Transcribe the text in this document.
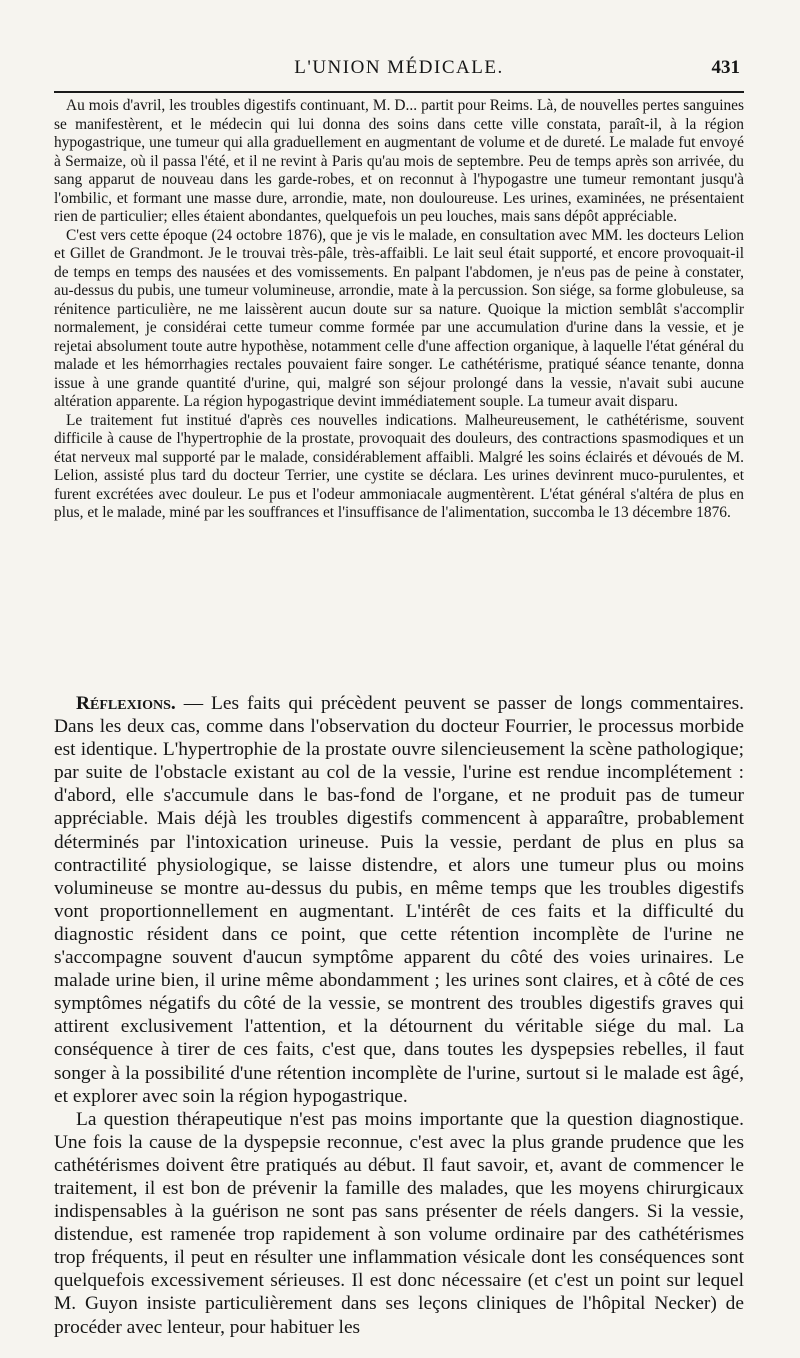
L'UNION MÉDICALE.	431

Au mois d'avril, les troubles digestifs continuant, M. D... partit pour Reims. Là, de nouvelles pertes sanguines se manifestèrent, et le médecin qui lui donna des soins dans cette ville constata, paraît-il, à la région hypogastrique, une tumeur qui alla graduellement en augmentant de volume et de dureté. Le malade fut envoyé à Sermaize, où il passa l'été, et il ne revint à Paris qu'au mois de septembre. Peu de temps après son arrivée, du sang apparut de nouveau dans les garde-robes, et on reconnut à l'hypogastre une tumeur remontant jusqu'à l'ombilic, et formant une masse dure, arrondie, mate, non douloureuse. Les urines, examinées, ne présentaient rien de particulier; elles étaient abondantes, quelquefois un peu louches, mais sans dépôt appréciable.

C'est vers cette époque (24 octobre 1876), que je vis le malade, en consultation avec MM. les docteurs Lelion et Gillet de Grandmont. Je le trouvai très-pâle, très-affaibli. Le lait seul était supporté, et encore provoquait-il de temps en temps des nausées et des vomissements. En palpant l'abdomen, je n'eus pas de peine à constater, au-dessus du pubis, une tumeur volumineuse, arrondie, mate à la percussion. Son siége, sa forme globuleuse, sa rénitence particulière, ne me laissèrent aucun doute sur sa nature. Quoique la miction semblât s'accomplir normalement, je considérai cette tumeur comme formée par une accumulation d'urine dans la vessie, et je rejetai absolument toute autre hypothèse, notamment celle d'une affection organique, à laquelle l'état général du malade et les hémorrhagies rectales pouvaient faire songer. Le cathétérisme, pratiqué séance tenante, donna issue à une grande quantité d'urine, qui, malgré son séjour prolongé dans la vessie, n'avait subi aucune altération apparente. La région hypogastrique devint immédiatement souple. La tumeur avait disparu.

Le traitement fut institué d'après ces nouvelles indications. Malheureusement, le cathétérisme, souvent difficile à cause de l'hypertrophie de la prostate, provoquait des douleurs, des contractions spasmodiques et un état nerveux mal supporté par le malade, considérablement affaibli. Malgré les soins éclairés et dévoués de M. Lelion, assisté plus tard du docteur Terrier, une cystite se déclara. Les urines devinrent muco-purulentes, et furent excrétées avec douleur. Le pus et l'odeur ammoniacale augmentèrent. L'état général s'altéra de plus en plus, et le malade, miné par les souffrances et l'insuffisance de l'alimentation, succomba le 13 décembre 1876.

Réflexions. — Les faits qui précèdent peuvent se passer de longs commentaires. Dans les deux cas, comme dans l'observation du docteur Fourrier, le processus morbide est identique. L'hypertrophie de la prostate ouvre silencieusement la scène pathologique; par suite de l'obstacle existant au col de la vessie, l'urine est rendue incomplétement : d'abord, elle s'accumule dans le bas-fond de l'organe, et ne produit pas de tumeur appréciable. Mais déjà les troubles digestifs commencent à apparaître, probablement déterminés par l'intoxication urineuse. Puis la vessie, perdant de plus en plus sa contractilité physiologique, se laisse distendre, et alors une tumeur plus ou moins volumineuse se montre au-dessus du pubis, en même temps que les troubles digestifs vont proportionnellement en augmentant. L'intérêt de ces faits et la difficulté du diagnostic résident dans ce point, que cette rétention incomplète de l'urine ne s'accompagne souvent d'aucun symptôme apparent du côté des voies urinaires. Le malade urine bien, il urine même abondamment ; les urines sont claires, et à côté de ces symptômes négatifs du côté de la vessie, se montrent des troubles digestifs graves qui attirent exclusivement l'attention, et la détournent du véritable siége du mal. La conséquence à tirer de ces faits, c'est que, dans toutes les dyspepsies rebelles, il faut songer à la possibilité d'une rétention incomplète de l'urine, surtout si le malade est âgé, et explorer avec soin la région hypogastrique.

La question thérapeutique n'est pas moins importante que la question diagnostique. Une fois la cause de la dyspepsie reconnue, c'est avec la plus grande prudence que les cathétérismes doivent être pratiqués au début. Il faut savoir, et, avant de commencer le traitement, il est bon de prévenir la famille des malades, que les moyens chirurgicaux indispensables à la guérison ne sont pas sans présenter de réels dangers. Si la vessie, distendue, est ramenée trop rapidement à son volume ordinaire par des cathétérismes trop fréquents, il peut en résulter une inflammation vésicale dont les conséquences sont quelquefois excessivement sérieuses. Il est donc nécessaire (et c'est un point sur lequel M. Guyon insiste particulièrement dans ses leçons cliniques de l'hôpital Necker) de procéder avec lenteur, pour habituer les
